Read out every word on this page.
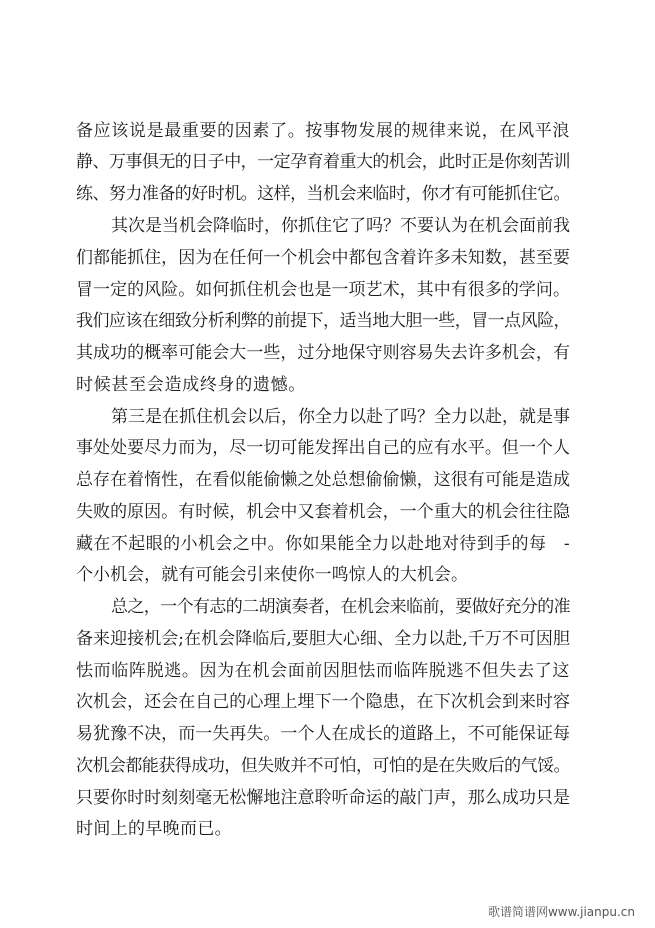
备应该说是最重要的因素了。按事物发展的规律来说，在风平浪
静、万事俱无的日子中，一定孕育着重大的机会，此时正是你刻苦训
练、努力准备的好时机。这样，当机会来临时，你才有可能抓住它。
其次是当机会降临时，你抓住它了吗？不要认为在机会面前我
们都能抓住，因为在任何一个机会中都包含着许多未知数，甚至要
冒一定的风险。如何抓住机会也是一项艺术，其中有很多的学问。
我们应该在细致分析利弊的前提下，适当地大胆一些，冒一点风险，
其成功的概率可能会大一些，过分地保守则容易失去许多机会，有
时候甚至会造成终身的遗憾。
第三是在抓住机会以后，你全力以赴了吗？全力以赴，就是事
事处处要尽力而为，尽一切可能发挥出自己的应有水平。但一个人
总存在着惰性，在看似能偷懒之处总想偷偷懒，这很有可能是造成
失败的原因。有时候，机会中又套着机会，一个重大的机会往往隐
藏在不起眼的小机会之中。你如果能全力以赴地对待到手的每　-
个小机会，就有可能会引来使你一鸣惊人的大机会。
总之，一个有志的二胡演奏者，在机会来临前，要做好充分的准
备来迎接机会;在机会降临后,要胆大心细、全力以赴,千万不可因胆
怯而临阵脱逃。因为在机会面前因胆怯而临阵脱逃不但失去了这
次机会，还会在自己的心理上埋下一个隐患，在下次机会到来时容
易犹豫不决，而一失再失。一个人在成长的道路上，不可能保证每
次机会都能获得成功，但失败并不可怕，可怕的是在失败后的气馁。
只要你时时刻刻毫无松懈地注意聆听命运的敲门声，那么成功只是
时间上的早晚而已。
歌谱简谱网www.jianpu.cn
